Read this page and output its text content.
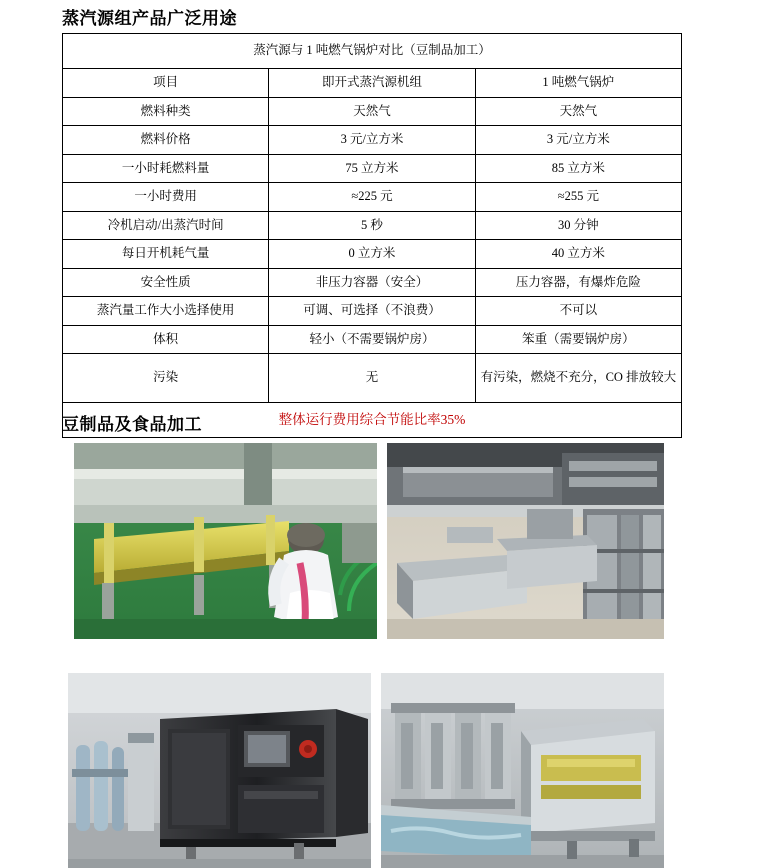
蒸汽源组产品广泛用途
蒸汽源与 1 吨燃气锅炉对比（豆制品加工）		
项目	即开式蒸汽源机组	1 吨燃气锅炉
燃料种类	天然气	天然气
燃料价格	3 元/立方米	3 元/立方米
一小时耗燃料量	75 立方米	85 立方米
一小时费用	≈225 元	≈255 元
冷机启动/出蒸汽时间	5 秒	30 分钟
每日开机耗气量	0 立方米	40 立方米
安全性质	非压力容器（安全）	压力容器，有爆炸危险
蒸汽量工作大小选择使用	可调、可选择（不浪费）	不可以
体积	轻小（不需要锅炉房）	笨重（需要锅炉房）
污染	无	有污染，燃烧不充分，CO 排放较大
整体运行费用综合节能比率35%		
豆制品及食品加工
